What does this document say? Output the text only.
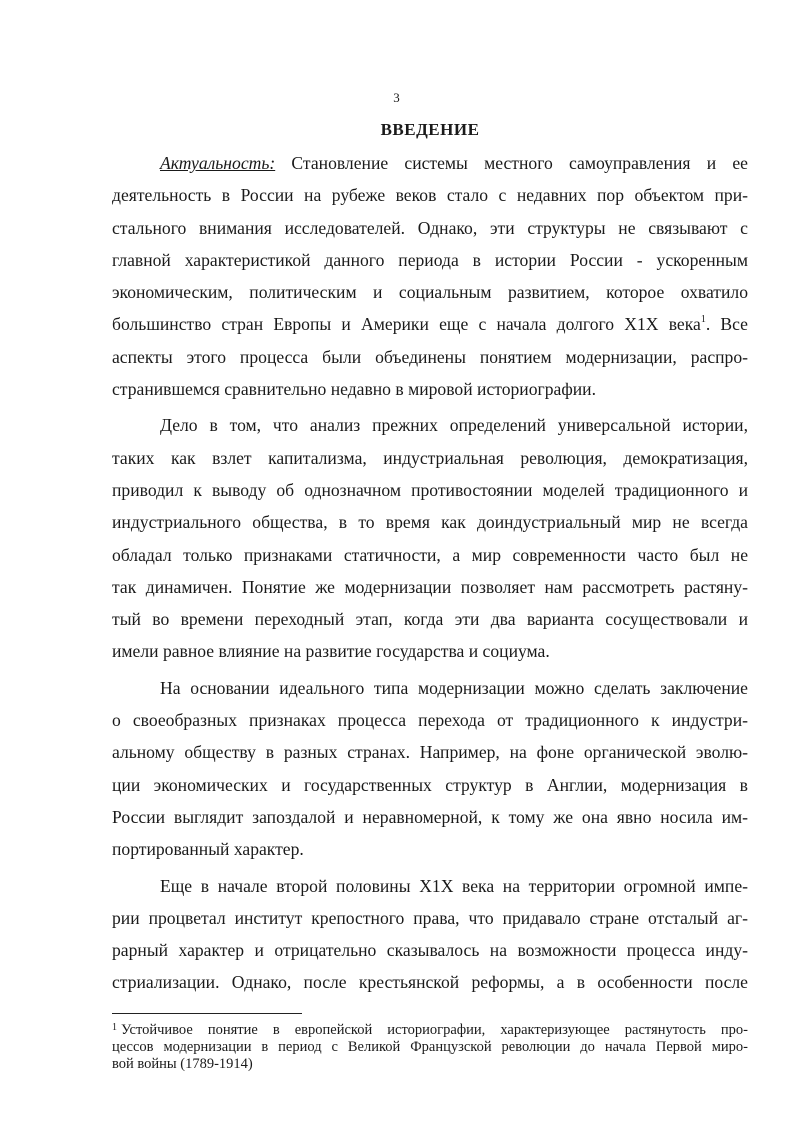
3
ВВЕДЕНИЕ
Актуальность: Становление системы местного самоуправления и ее
деятельность в России на рубеже веков стало с недавних пор объектом при-
стального внимания исследователей. Однако, эти структуры не связывают с
главной характеристикой данного периода в истории России - ускоренным
экономическим, политическим и социальным развитием, которое охватило
большинство стран Европы и Америки еще с начала долгого Х1Х века$^1$. Все
аспекты этого процесса были объединены понятием модернизации, распро-
странившемся сравнительно недавно в мировой историографии.
Дело в том, что анализ прежних определений универсальной истории,
таких как взлет капитализма, индустриальная революция, демократизация,
приводил к выводу об однозначном противостоянии моделей традиционного и
индустриального общества, в то время как доиндустриальный мир не всегда
обладал только признаками статичности, а мир современности часто был не
так динамичен. Понятие же модернизации позволяет нам рассмотреть растяну-
тый во времени переходный этап, когда эти два варианта сосуществовали и
имели равное влияние на развитие государства и социума.
На основании идеального типа модернизации можно сделать заключение
о своеобразных признаках процесса перехода от традиционного к индустри-
альному обществу в разных странах. Например, на фоне органической эволю-
ции экономических и государственных структур в Англии, модернизация в
России выглядит запоздалой и неравномерной, к тому же она явно носила им-
портированный характер.
Еще в начале второй половины Х1Х века на территории огромной импе-
рии процветал институт крепостного права, что придавало стране отсталый аг-
рарный характер и отрицательно сказывалось на возможности процесса инду-
стриализации. Однако, после крестьянской реформы, а в особенности после
$^1$ Устойчивое понятие в европейской историографии, характеризующее растянутость про-
цессов модернизации в период с Великой Французской революции до начала Первой миро-
вой войны (1789-1914)
